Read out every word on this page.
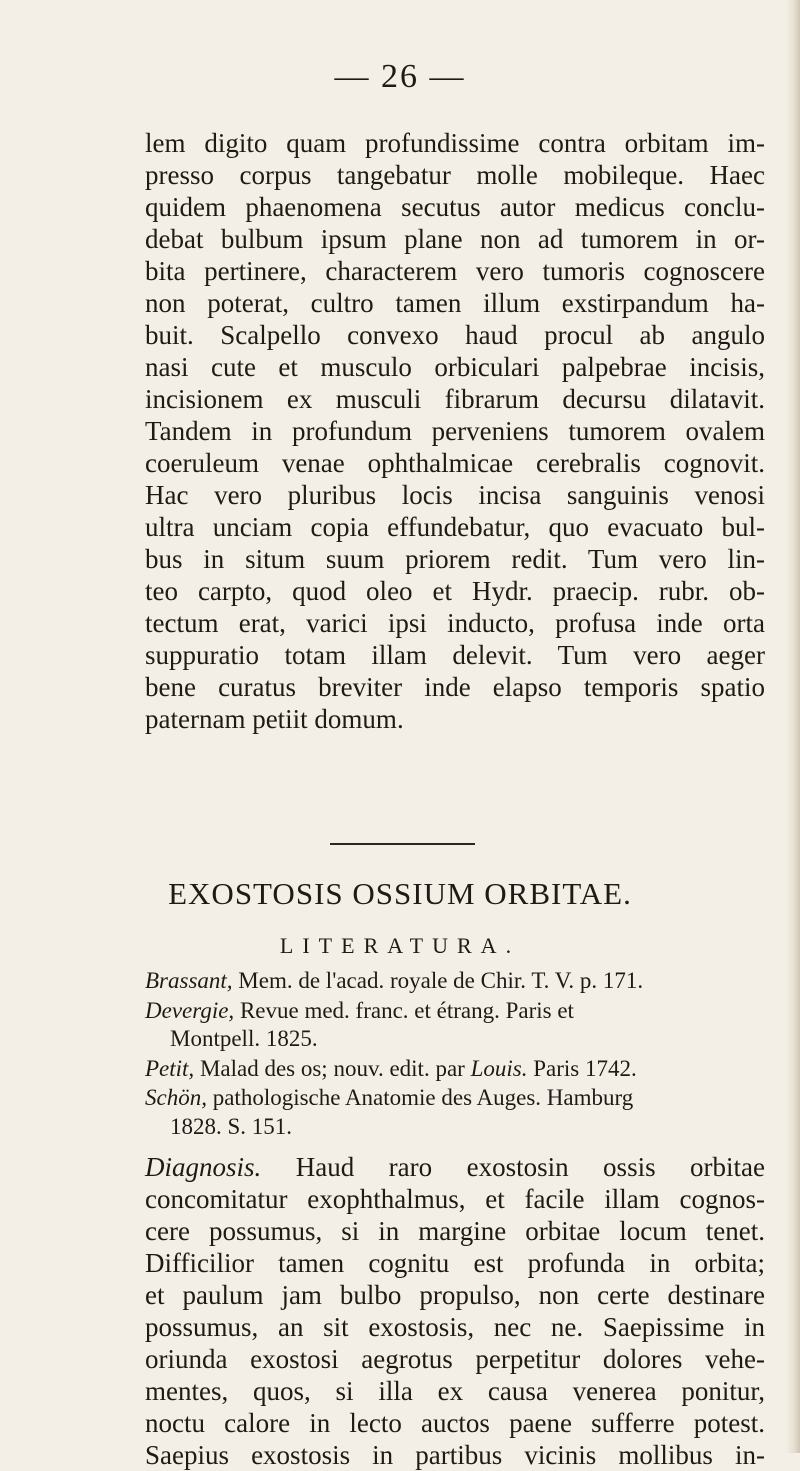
— 26 —
lem digito quam profundissime contra orbitam im-
presso corpus tangebatur molle mobileque. Haec
quidem phaenomena secutus autor medicus conclu-
debat bulbum ipsum plane non ad tumorem in or-
bita pertinere, characterem vero tumoris cognoscere
non poterat, cultro tamen illum exstirpandum ha-
buit. Scalpello convexo haud procul ab angulo
nasi cute et musculo orbiculari palpebrae incisis,
incisionem ex musculi fibrarum decursu dilatavit.
Tandem in profundum perveniens tumorem ovalem
coeruleum venae ophthalmicae cerebralis cognovit.
Hac vero pluribus locis incisa sanguinis venosi
ultra unciam copia effundebatur, quo evacuato bul-
bus in situm suum priorem redit. Tum vero lin-
teo carpto, quod oleo et Hydr. praecip. rubr. ob-
tectum erat, varici ipsi inducto, profusa inde orta
suppuratio totam illam delevit. Tum vero aeger
bene curatus breviter inde elapso temporis spatio
paternam petiit domum.
EXOSTOSIS OSSIUM ORBITAE.
LITERATURA.
Brassant, Mem. de l'acad. royale de Chir. T. V. p. 171.
Devergie, Revue med. franc. et étrang. Paris et
Montpell. 1825.
Petit, Malad des os; nouv. edit. par Louis. Paris 1742.
Schön, pathologische Anatomie des Auges. Hamburg
1828. S. 151.
Diagnosis. Haud raro exostosin ossis orbitae
concomitatur exophthalmus, et facile illam cognos-
cere possumus, si in margine orbitae locum tenet.
Difficilior tamen cognitu est profunda in orbita;
et paulum jam bulbo propulso, non certe destinare
possumus, an sit exostosis, nec ne. Saepissime in
oriunda exostosi aegrotus perpetitur dolores vehe-
mentes, quos, si illa ex causa venerea ponitur,
noctu calore in lecto auctos paene sufferre potest.
Saepius exostosis in partibus vicinis mollibus in-
